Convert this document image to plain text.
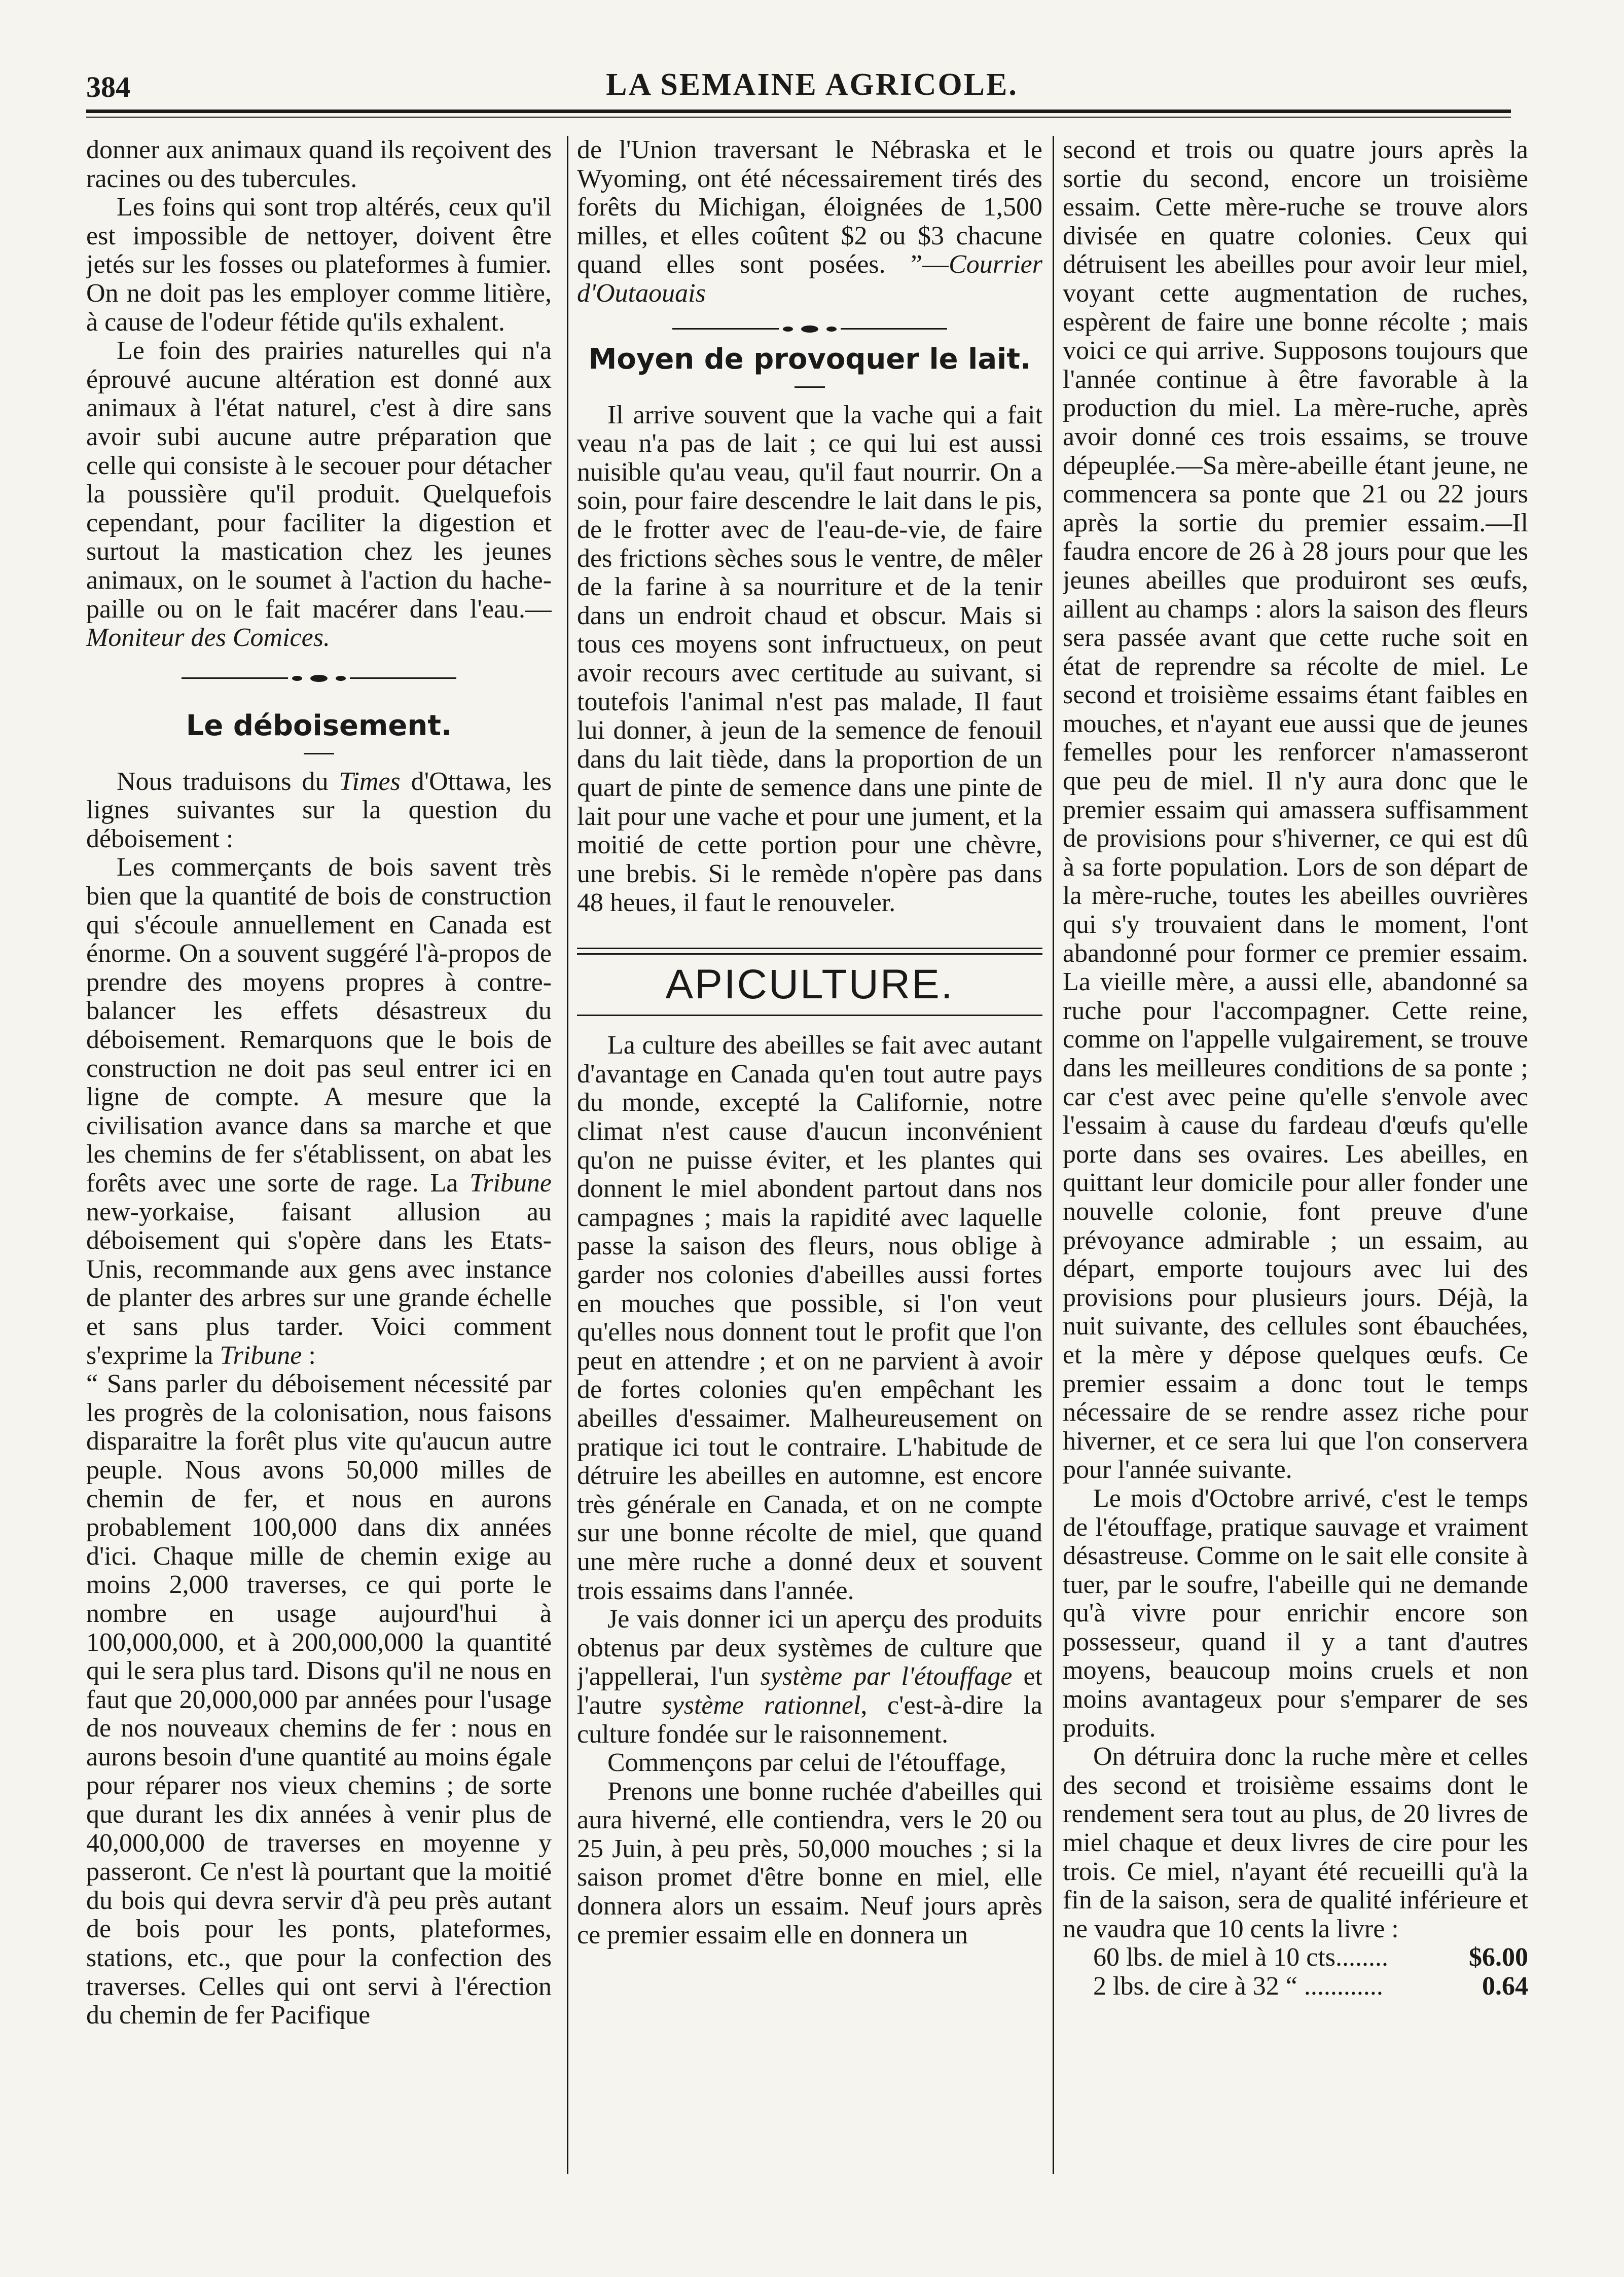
384	LA SEMAINE AGRICOLE.

donner aux animaux quand ils reçoivent des racines ou des tubercules.

Les foins qui sont trop altérés, ceux qu'il est impossible de nettoyer, doivent être jetés sur les fosses ou plateformes à fumier. On ne doit pas les employer comme litière, à cause de l'odeur fétide qu'ils exhalent.

Le foin des prairies naturelles qui n'a éprouvé aucune altération est donné aux animaux à l'état naturel, c'est à dire sans avoir subi aucune autre préparation que celle qui consiste à le secouer pour détacher la poussière qu'il produit. Quelquefois cependant, pour faciliter la digestion et surtout la mastication chez les jeunes animaux, on le soumet à l'action du hache-paille ou on le fait macérer dans l'eau.—Moniteur des Comices.

Le déboisement.

Nous traduisons du Times d'Ottawa, les lignes suivantes sur la question du déboisement :

Les commerçants de bois savent très bien que la quantité de bois de construction qui s'écoule annuellement en Canada est énorme. On a souvent suggéré l'à-propos de prendre des moyens propres à contre-balancer les effets désastreux du déboisement. Remarquons que le bois de construction ne doit pas seul entrer ici en ligne de compte. A mesure que la civilisation avance dans sa marche et que les chemins de fer s'établissent, on abat les forêts avec une sorte de rage. La Tribune new-yorkaise, faisant allusion au déboisement qui s'opère dans les Etats-Unis, recommande aux gens avec instance de planter des arbres sur une grande échelle et sans plus tarder. Voici comment s'exprime la Tribune :

“ Sans parler du déboisement nécessité par les progrès de la colonisation, nous faisons disparaitre la forêt plus vite qu'aucun autre peuple. Nous avons 50,000 milles de chemin de fer, et nous en aurons probablement 100,000 dans dix années d'ici. Chaque mille de chemin exige au moins 2,000 traverses, ce qui porte le nombre en usage aujourd'hui à 100,000,000, et à 200,000,000 la quantité qui le sera plus tard. Disons qu'il ne nous en faut que 20,000,000 par années pour l'usage de nos nouveaux chemins de fer : nous en aurons besoin d'une quantité au moins égale pour réparer nos vieux chemins ; de sorte que durant les dix années à venir plus de 40,000,000 de traverses en moyenne y passeront. Ce n'est là pourtant que la moitié du bois qui devra servir d'à peu près autant de bois pour les ponts, plateformes, stations, etc., que pour la confection des traverses. Celles qui ont servi à l'érection du chemin de fer Pacifique

de l'Union traversant le Nébraska et le Wyoming, ont été nécessairement tirés des forêts du Michigan, éloignées de 1,500 milles, et elles coûtent $2 ou $3 chacune quand elles sont posées. ”—Courrier d'Outaouais

Moyen de provoquer le lait.

Il arrive souvent que la vache qui a fait veau n'a pas de lait ; ce qui lui est aussi nuisible qu'au veau, qu'il faut nourrir. On a soin, pour faire descendre le lait dans le pis, de le frotter avec de l'eau-de-vie, de faire des frictions sèches sous le ventre, de mêler de la farine à sa nourriture et de la tenir dans un endroit chaud et obscur. Mais si tous ces moyens sont infructueux, on peut avoir recours avec certitude au suivant, si toutefois l'animal n'est pas malade, Il faut lui donner, à jeun de la semence de fenouil dans du lait tiède, dans la proportion de un quart de pinte de semence dans une pinte de lait pour une vache et pour une jument, et la moitié de cette portion pour une chèvre, une brebis. Si le remède n'opère pas dans 48 heues, il faut le renouveler.

APICULTURE.

La culture des abeilles se fait avec autant d'avantage en Canada qu'en tout autre pays du monde, excepté la Californie, notre climat n'est cause d'aucun inconvénient qu'on ne puisse éviter, et les plantes qui donnent le miel abondent partout dans nos campagnes ; mais la rapidité avec laquelle passe la saison des fleurs, nous oblige à garder nos colonies d'abeilles aussi fortes en mouches que possible, si l'on veut qu'elles nous donnent tout le profit que l'on peut en attendre ; et on ne parvient à avoir de fortes colonies qu'en empêchant les abeilles d'essaimer. Malheureusement on pratique ici tout le contraire. L'habitude de détruire les abeilles en automne, est encore très générale en Canada, et on ne compte sur une bonne récolte de miel, que quand une mère ruche a donné deux et souvent trois essaims dans l'année.

Je vais donner ici un aperçu des produits obtenus par deux systèmes de culture que j'appellerai, l'un système par l'étouffage et l'autre système rationnel, c'est-à-dire la culture fondée sur le raisonnement.

Commençons par celui de l'étouffage,

Prenons une bonne ruchée d'abeilles qui aura hiverné, elle contiendra, vers le 20 ou 25 Juin, à peu près, 50,000 mouches ; si la saison promet d'être bonne en miel, elle donnera alors un essaim. Neuf jours après ce premier essaim elle en donnera un

second et trois ou quatre jours après la sortie du second, encore un troisième essaim. Cette mère-ruche se trouve alors divisée en quatre colonies. Ceux qui détruisent les abeilles pour avoir leur miel, voyant cette augmentation de ruches, espèrent de faire une bonne récolte ; mais voici ce qui arrive. Supposons toujours que l'année continue à être favorable à la production du miel. La mère-ruche, après avoir donné ces trois essaims, se trouve dépeuplée.—Sa mère-abeille étant jeune, ne commencera sa ponte que 21 ou 22 jours après la sortie du premier essaim.—Il faudra encore de 26 à 28 jours pour que les jeunes abeilles que produiront ses œufs, aillent au champs : alors la saison des fleurs sera passée avant que cette ruche soit en état de reprendre sa récolte de miel. Le second et troisième essaims étant faibles en mouches, et n'ayant eue aussi que de jeunes femelles pour les renforcer n'amasseront que peu de miel. Il n'y aura donc que le premier essaim qui amassera suffisamment de provisions pour s'hiverner, ce qui est dû à sa forte population. Lors de son départ de la mère-ruche, toutes les abeilles ouvrières qui s'y trouvaient dans le moment, l'ont abandonné pour former ce premier essaim. La vieille mère, a aussi elle, abandonné sa ruche pour l'accompagner. Cette reine, comme on l'appelle vulgairement, se trouve dans les meilleures conditions de sa ponte ; car c'est avec peine qu'elle s'envole avec l'essaim à cause du fardeau d'œufs qu'elle porte dans ses ovaires. Les abeilles, en quittant leur domicile pour aller fonder une nouvelle colonie, font preuve d'une prévoyance admirable ; un essaim, au départ, emporte toujours avec lui des provisions pour plusieurs jours. Déjà, la nuit suivante, des cellules sont ébauchées, et la mère y dépose quelques œufs. Ce premier essaim a donc tout le temps nécessaire de se rendre assez riche pour hiverner, et ce sera lui que l'on conservera pour l'année suivante.

Le mois d'Octobre arrivé, c'est le temps de l'étouffage, pratique sauvage et vraiment désastreuse. Comme on le sait elle consite à tuer, par le soufre, l'abeille qui ne demande qu'à vivre pour enrichir encore son possesseur, quand il y a tant d'autres moyens, beaucoup moins cruels et non moins avantageux pour s'emparer de ses produits.

On détruira donc la ruche mère et celles des second et troisième essaims dont le rendement sera tout au plus, de 20 livres de miel chaque et deux livres de cire pour les trois. Ce miel, n'ayant été recueilli qu'à la fin de la saison, sera de qualité inférieure et ne vaudra que 10 cents la livre :

60 lbs. de miel à 10 cts........	$6.00
2 lbs. de cire à 32 “ ............	0.64
